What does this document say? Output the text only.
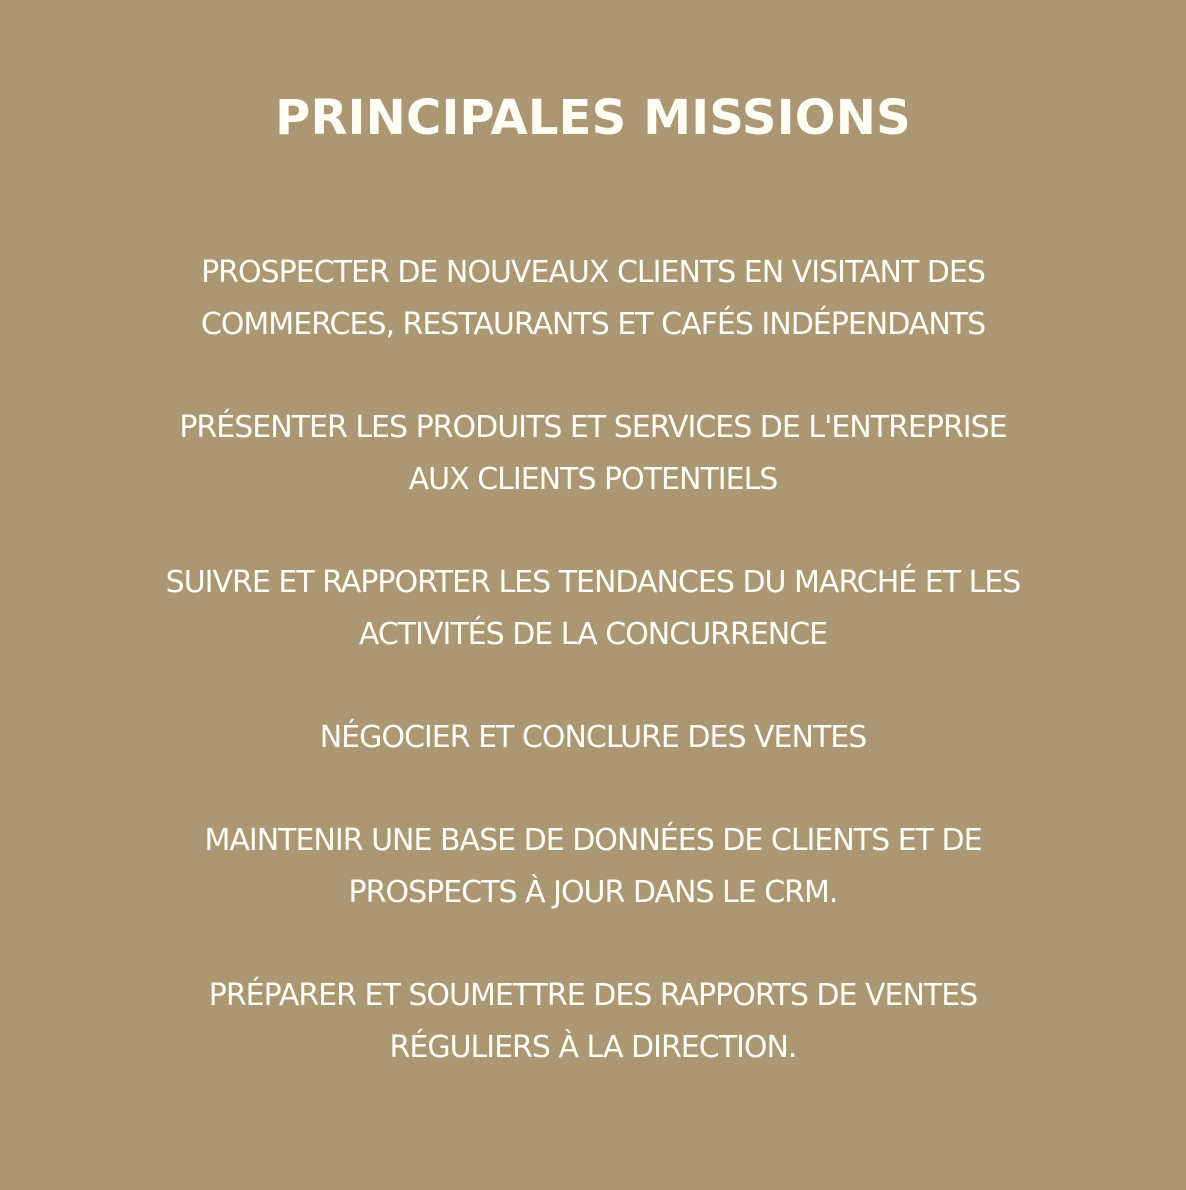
PRINCIPALES MISSIONS
PROSPECTER DE NOUVEAUX CLIENTS EN VISITANT DES
COMMERCES, RESTAURANTS ET CAFÉS INDÉPENDANTS
PRÉSENTER LES PRODUITS ET SERVICES DE L'ENTREPRISE
AUX CLIENTS POTENTIELS
SUIVRE ET RAPPORTER LES TENDANCES DU MARCHÉ ET LES
ACTIVITÉS DE LA CONCURRENCE
NÉGOCIER ET CONCLURE DES VENTES
MAINTENIR UNE BASE DE DONNÉES DE CLIENTS ET DE
PROSPECTS À JOUR DANS LE CRM.
PRÉPARER ET SOUMETTRE DES RAPPORTS DE VENTES
RÉGULIERS À LA DIRECTION.
